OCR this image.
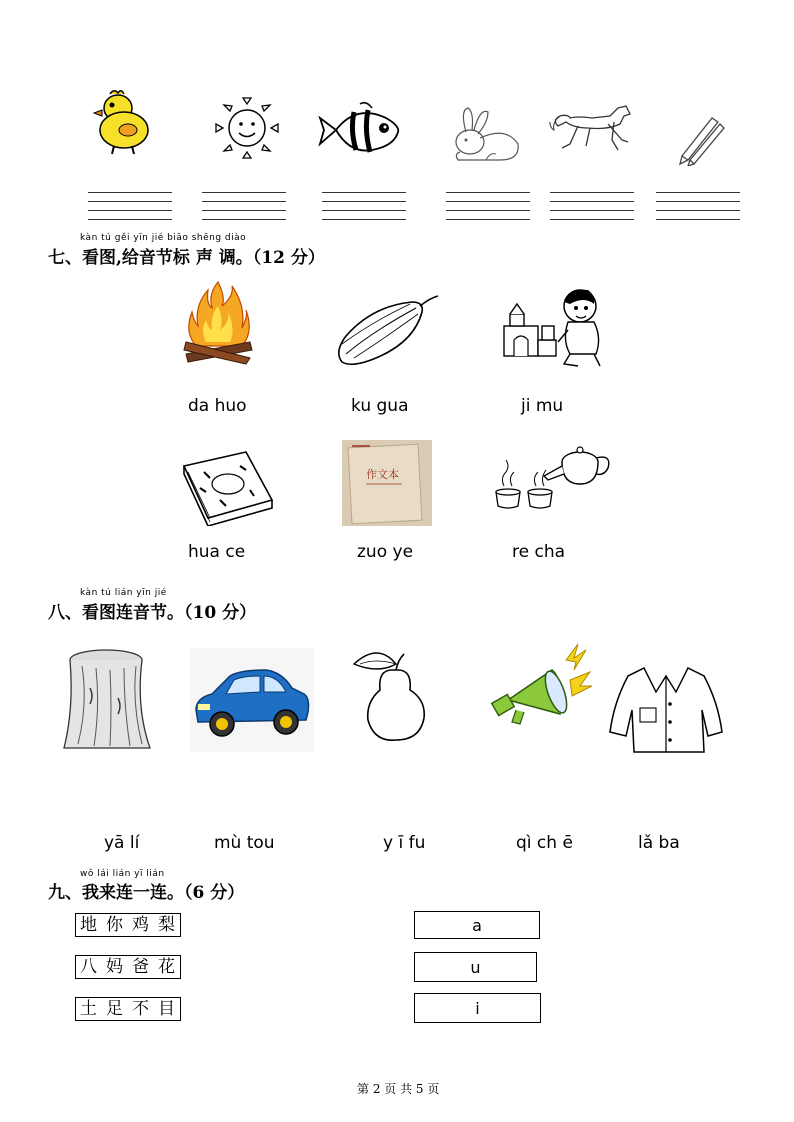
kàn tú gěi yīn jié biāo shēng diào
七、看图,给音节标 声 调。（12 分）
da huo	ku gua	ji mu
作文本
hua ce	zuo ye	re cha
kàn tú lián yīn jié
八、看图连音节。（10 分）
yā lí	mù tou	y ī fu	qì ch ē	lǎ ba
wǒ lái lián yī lián
九、我来连一连。（6 分）
地你鸡梨
八妈爸花
土足不目
a
u
i
第 2 页 共 5 页
